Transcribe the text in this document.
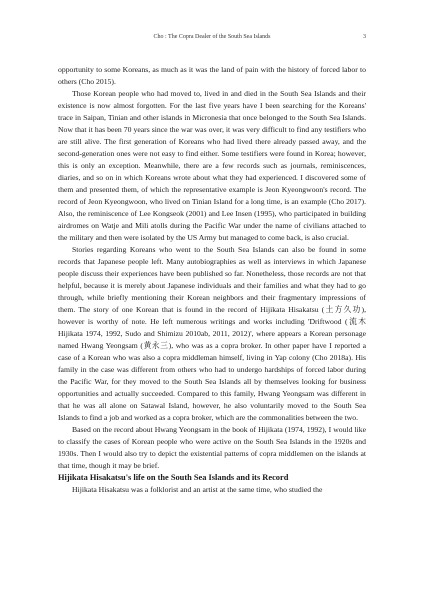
Cho : The Copra Dealer of the South Sea Islands	3

opportunity to some Koreans, as much as it was the land of pain with the history of forced labor to others (Cho 2015).

Those Korean people who had moved to, lived in and died in the South Sea Islands and their existence is now almost forgotten. For the last five years have I been searching for the Koreans' trace in Saipan, Tinian and other islands in Micronesia that once belonged to the South Sea Islands. Now that it has been 70 years since the war was over, it was very difficult to find any testifiers who are still alive. The first generation of Koreans who had lived there already passed away, and the second-generation ones were not easy to find either. Some testifiers were found in Korea; however, this is only an exception. Meanwhile, there are a few records such as journals, reminiscences, diaries, and so on in which Koreans wrote about what they had experienced. I discovered some of them and presented them, of which the representative example is Jeon Kyeongwoon's record. The record of Jeon Kyeongwoon, who lived on Tinian Island for a long time, is an example (Cho 2017). Also, the reminiscence of Lee Kongseok (2001) and Lee Insen (1995), who participated in building airdromes on Watje and Mili atolls during the Pacific War under the name of civilians attached to the military and then were isolated by the US Army but managed to come back, is also crucial.

Stories regarding Koreans who went to the South Sea Islands can also be found in some records that Japanese people left. Many autobiographies as well as interviews in which Japanese people discuss their experiences have been published so far. Nonetheless, those records are not that helpful, because it is merely about Japanese individuals and their families and what they had to go through, while briefly mentioning their Korean neighbors and their fragmentary impressions of them. The story of one Korean that is found in the record of Hijikata Hisakatsu (土方久功), however is worthy of note. He left numerous writings and works including 'Driftwood (流木 Hijikata 1974, 1992, Sudo and Shimizu 2010ab, 2011, 2012)', where appears a Korean personage named Hwang Yeongsam (黄永三), who was as a copra broker. In other paper have I reported a case of a Korean who was also a copra middleman himself, living in Yap colony (Cho 2018a). His family in the case was different from others who had to undergo hardships of forced labor during the Pacific War, for they moved to the South Sea Islands all by themselves looking for business opportunities and actually succeeded. Compared to this family, Hwang Yeongsam was different in that he was all alone on Satawal Island, however, he also voluntarily moved to the South Sea Islands to find a job and worked as a copra broker, which are the commonalities between the two.

Based on the record about Hwang Yeongsam in the book of Hijikata (1974, 1992), I would like to classify the cases of Korean people who were active on the South Sea Islands in the 1920s and 1930s. Then I would also try to depict the existential patterns of copra middlemen on the islands at that time, though it may be brief.

Hijikata Hisakatsu's life on the South Sea Islands and its Record

Hijikata Hisakatsu was a folklorist and an artist at the same time, who studied the
